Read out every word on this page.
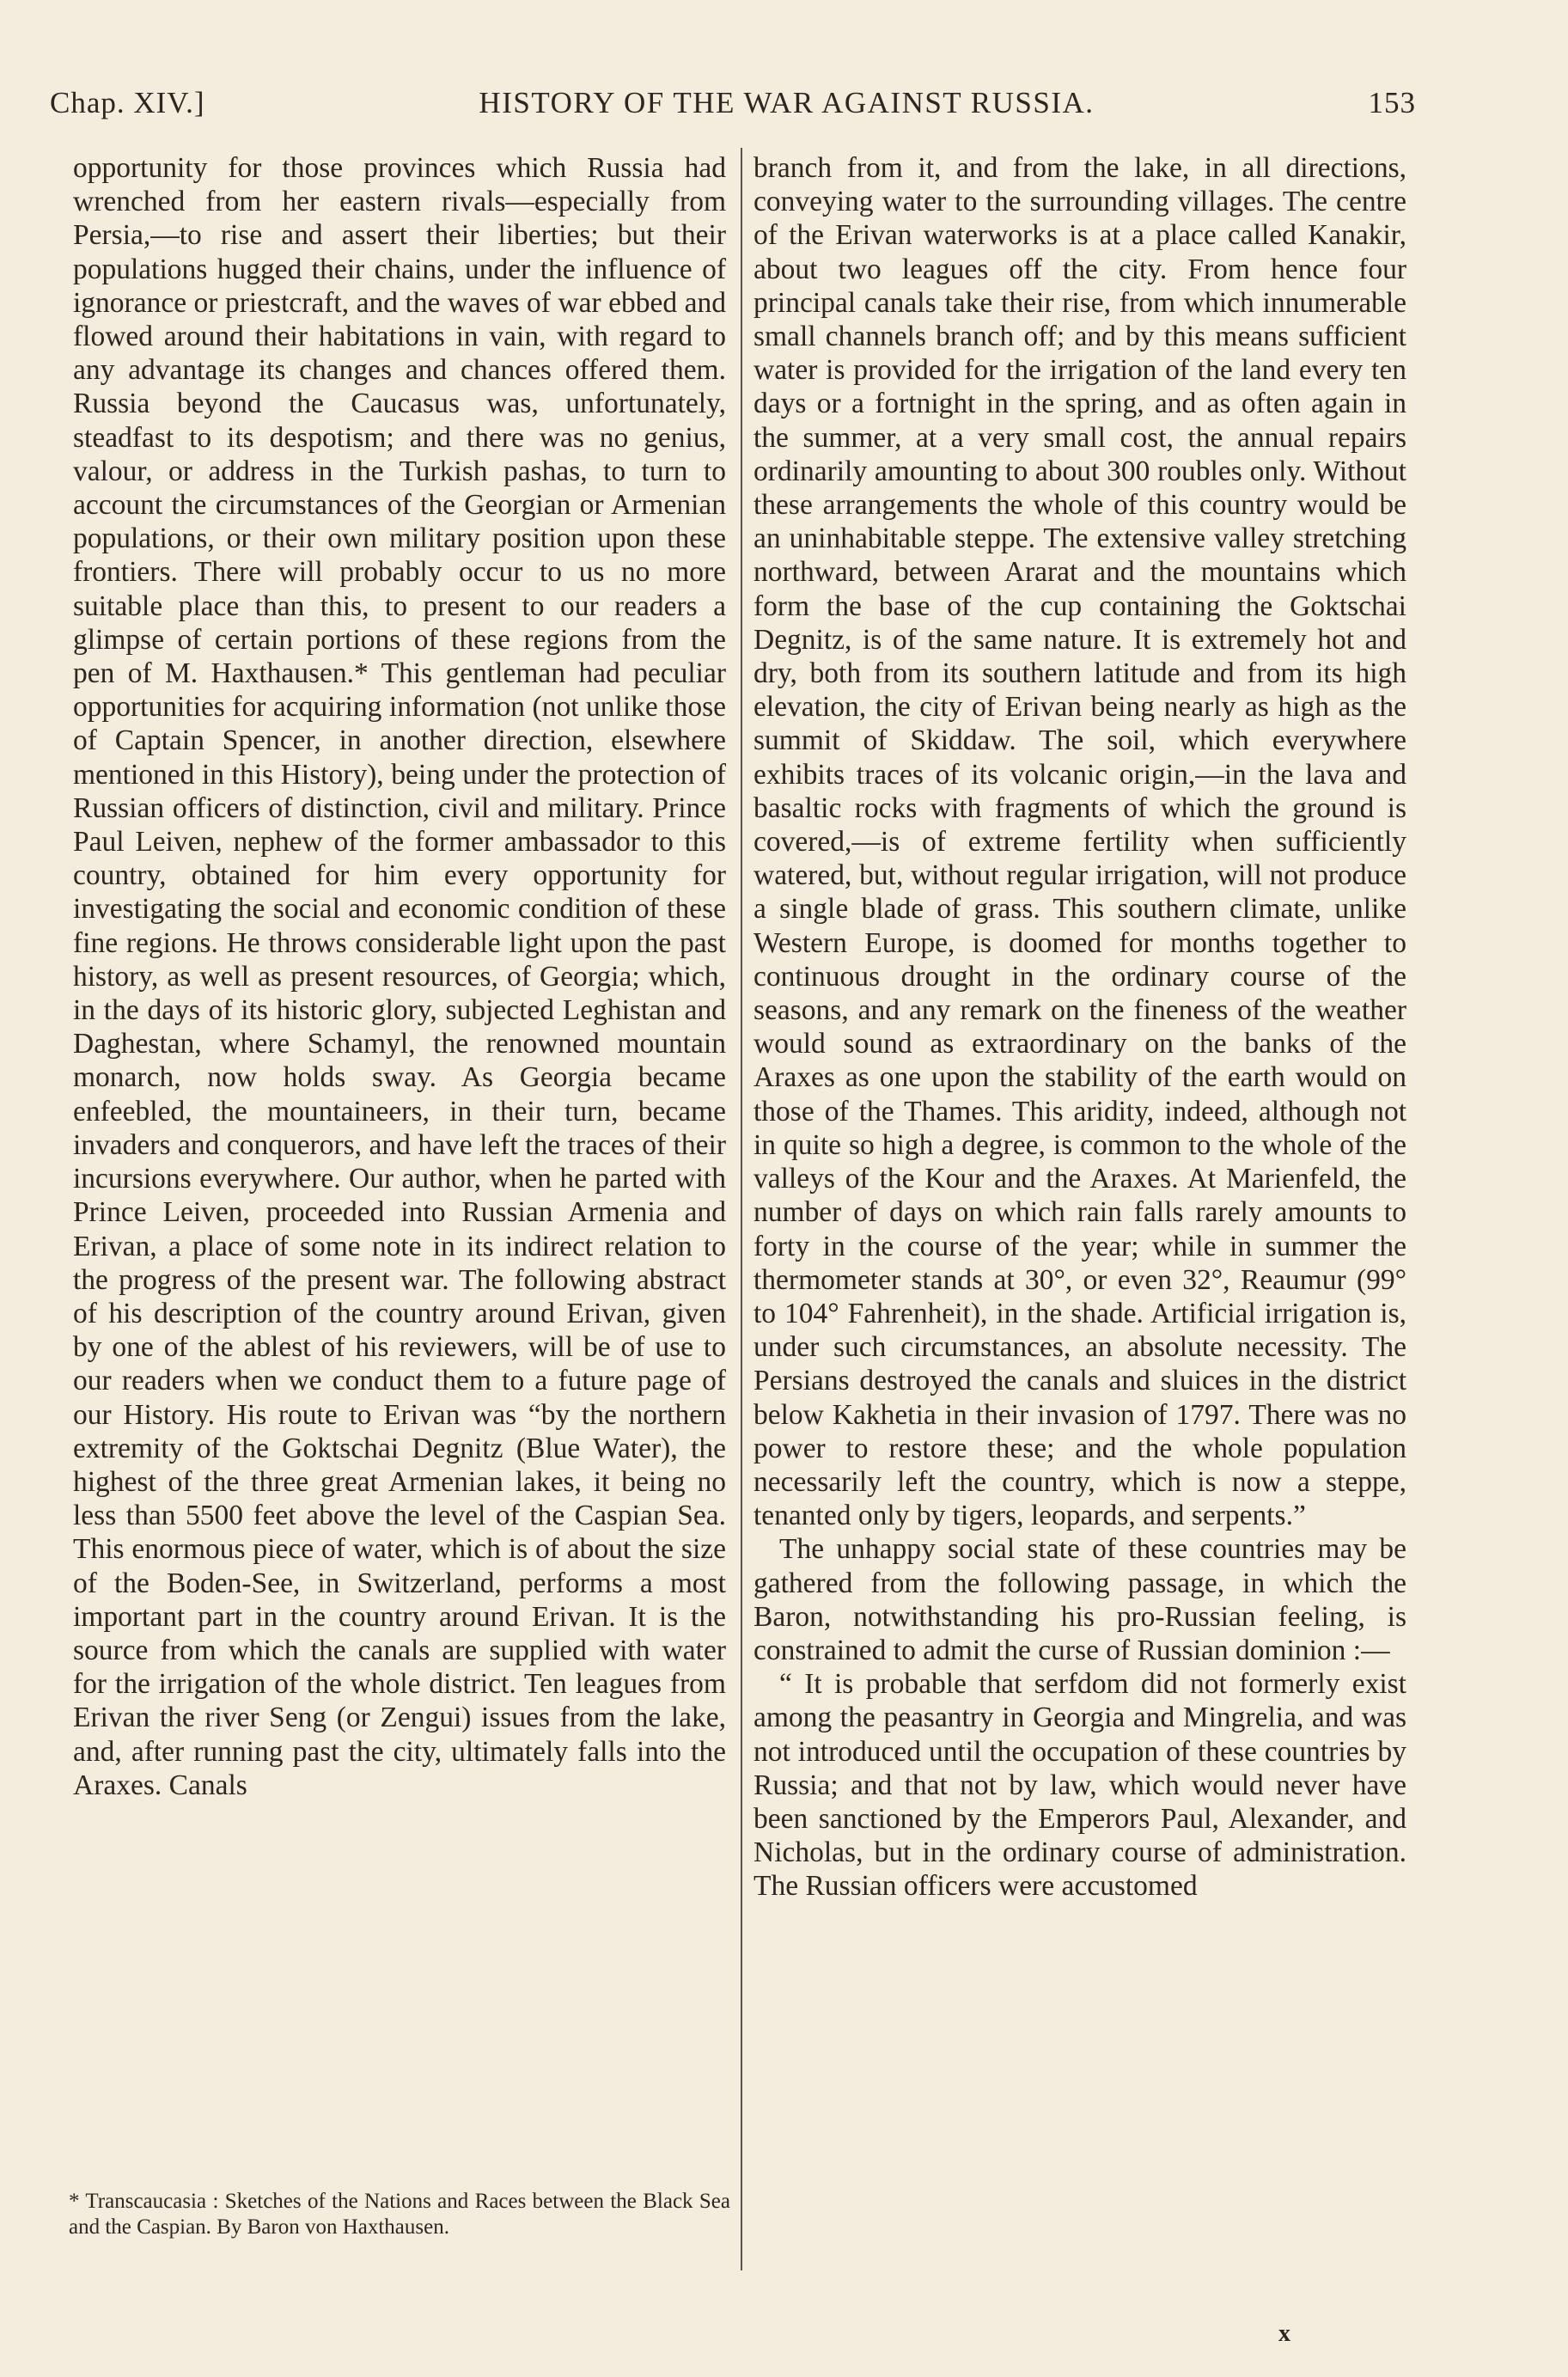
Chap. XIV.]	HISTORY OF THE WAR AGAINST RUSSIA.	153

opportunity for those provinces which Russia had wrenched from her eastern rivals—especially from Persia,—to rise and assert their liberties; but their populations hugged their chains, under the influence of ignorance or priestcraft, and the waves of war ebbed and flowed around their habitations in vain, with regard to any advantage its changes and chances offered them. Russia beyond the Caucasus was, unfortunately, steadfast to its despotism; and there was no genius, valour, or address in the Turkish pashas, to turn to account the circumstances of the Georgian or Armenian populations, or their own military position upon these frontiers. There will probably occur to us no more suitable place than this, to present to our readers a glimpse of certain portions of these regions from the pen of M. Haxthausen.* This gentleman had peculiar opportunities for acquiring information (not unlike those of Captain Spencer, in another direction, elsewhere mentioned in this History), being under the protection of Russian officers of distinction, civil and military. Prince Paul Leiven, nephew of the former ambassador to this country, obtained for him every opportunity for investigating the social and economic condition of these fine regions. He throws considerable light upon the past history, as well as present resources, of Georgia; which, in the days of its historic glory, subjected Leghistan and Daghestan, where Schamyl, the renowned mountain monarch, now holds sway. As Georgia became enfeebled, the mountaineers, in their turn, became invaders and conquerors, and have left the traces of their incursions everywhere. Our author, when he parted with Prince Leiven, proceeded into Russian Armenia and Erivan, a place of some note in its indirect relation to the progress of the present war. The following abstract of his description of the country around Erivan, given by one of the ablest of his reviewers, will be of use to our readers when we conduct them to a future page of our History. His route to Erivan was “by the northern extremity of the Goktschai Degnitz (Blue Water), the highest of the three great Armenian lakes, it being no less than 5500 feet above the level of the Caspian Sea. This enormous piece of water, which is of about the size of the Boden-See, in Switzerland, performs a most important part in the country around Erivan. It is the source from which the canals are supplied with water for the irrigation of the whole district. Ten leagues from Erivan the river Seng (or Zengui) issues from the lake, and, after running past the city, ultimately falls into the Araxes. Canals

branch from it, and from the lake, in all directions, conveying water to the surrounding villages. The centre of the Erivan waterworks is at a place called Kanakir, about two leagues off the city. From hence four principal canals take their rise, from which innumerable small channels branch off; and by this means sufficient water is provided for the irrigation of the land every ten days or a fortnight in the spring, and as often again in the summer, at a very small cost, the annual repairs ordinarily amounting to about 300 roubles only. Without these arrangements the whole of this country would be an uninhabitable steppe. The extensive valley stretching northward, between Ararat and the mountains which form the base of the cup containing the Goktschai Degnitz, is of the same nature. It is extremely hot and dry, both from its southern latitude and from its high elevation, the city of Erivan being nearly as high as the summit of Skiddaw. The soil, which everywhere exhibits traces of its volcanic origin,—in the lava and basaltic rocks with fragments of which the ground is covered,—is of extreme fertility when sufficiently watered, but, without regular irrigation, will not produce a single blade of grass. This southern climate, unlike Western Europe, is doomed for months together to continuous drought in the ordinary course of the seasons, and any remark on the fineness of the weather would sound as extraordinary on the banks of the Araxes as one upon the stability of the earth would on those of the Thames. This aridity, indeed, although not in quite so high a degree, is common to the whole of the valleys of the Kour and the Araxes. At Marienfeld, the number of days on which rain falls rarely amounts to forty in the course of the year; while in summer the thermometer stands at 30°, or even 32°, Reaumur (99° to 104° Fahrenheit), in the shade. Artificial irrigation is, under such circumstances, an absolute necessity. The Persians destroyed the canals and sluices in the district below Kakhetia in their invasion of 1797. There was no power to restore these; and the whole population necessarily left the country, which is now a steppe, tenanted only by tigers, leopards, and serpents.”

The unhappy social state of these countries may be gathered from the following passage, in which the Baron, notwithstanding his pro-Russian feeling, is constrained to admit the curse of Russian dominion :—

“ It is probable that serfdom did not formerly exist among the peasantry in Georgia and Mingrelia, and was not introduced until the occupation of these countries by Russia; and that not by law, which would never have been sanctioned by the Emperors Paul, Alexander, and Nicholas, but in the ordinary course of administration. The Russian officers were accustomed

* Transcaucasia : Sketches of the Nations and Races between the Black Sea and the Caspian. By Baron von Haxthausen.
x
